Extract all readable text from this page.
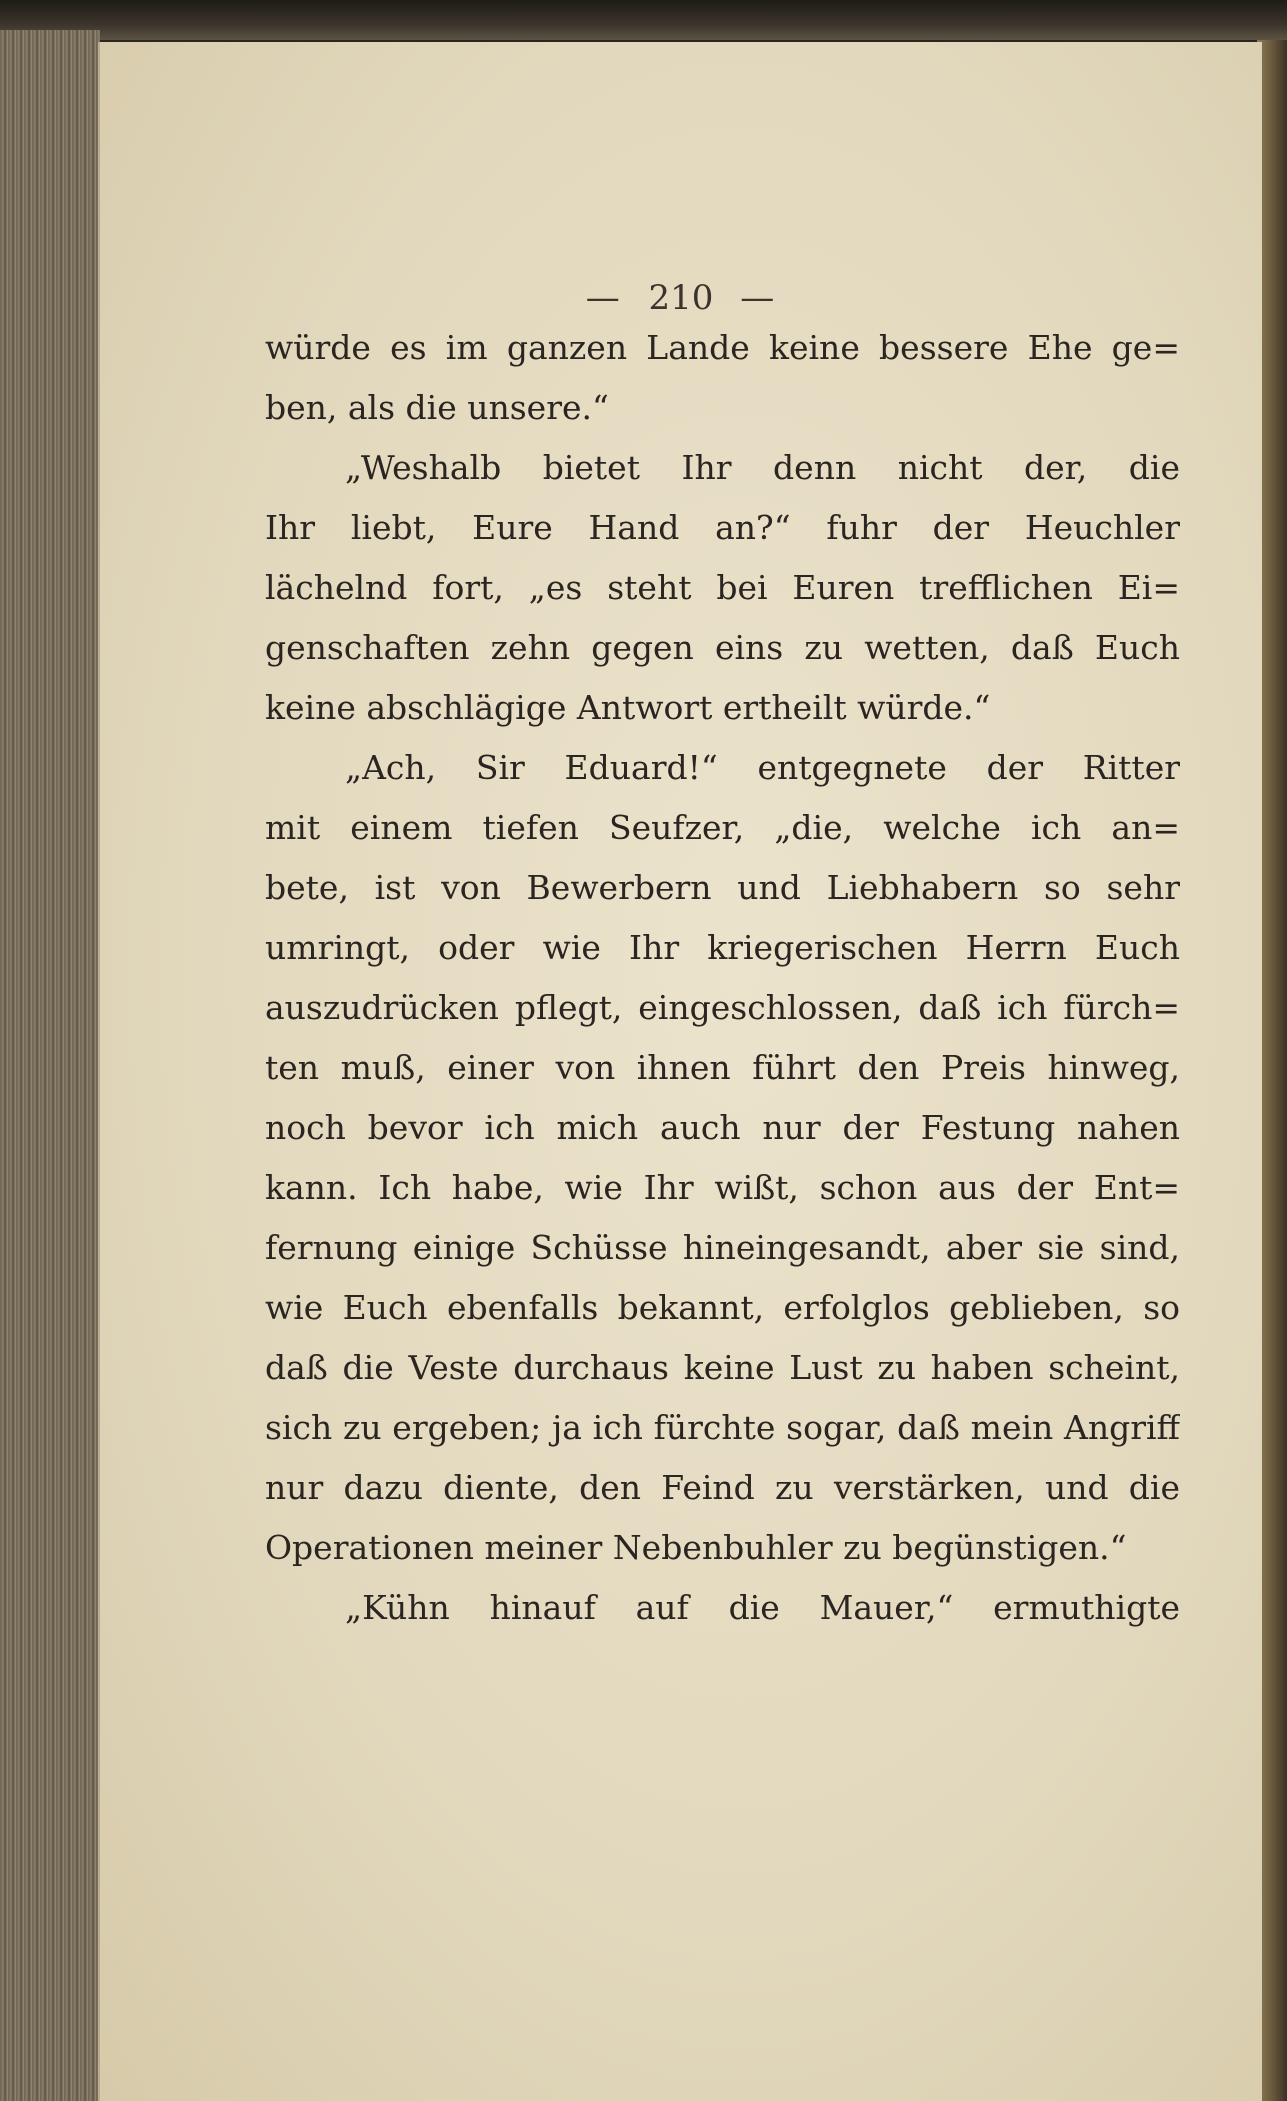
— 210 —
würde es im ganzen Lande keine bessere Ehe ge=
ben, als die unsere.“
„Weshalb bietet Ihr denn nicht der, die
Ihr liebt, Eure Hand an?“ fuhr der Heuchler
lächelnd fort, „es steht bei Euren trefflichen Ei=
genschaften zehn gegen eins zu wetten, daß Euch
keine abschlägige Antwort ertheilt würde.“
„Ach, Sir Eduard!“ entgegnete der Ritter
mit einem tiefen Seufzer, „die, welche ich an=
bete, ist von Bewerbern und Liebhabern so sehr
umringt, oder wie Ihr kriegerischen Herrn Euch
auszudrücken pflegt, eingeschlossen, daß ich fürch=
ten muß, einer von ihnen führt den Preis hinweg,
noch bevor ich mich auch nur der Festung nahen
kann. Ich habe, wie Ihr wißt, schon aus der Ent=
fernung einige Schüsse hineingesandt, aber sie sind,
wie Euch ebenfalls bekannt, erfolglos geblieben, so
daß die Veste durchaus keine Lust zu haben scheint,
sich zu ergeben; ja ich fürchte sogar, daß mein Angriff
nur dazu diente, den Feind zu verstärken, und die
Operationen meiner Nebenbuhler zu begünstigen.“
„Kühn hinauf auf die Mauer,“ ermuthigte
